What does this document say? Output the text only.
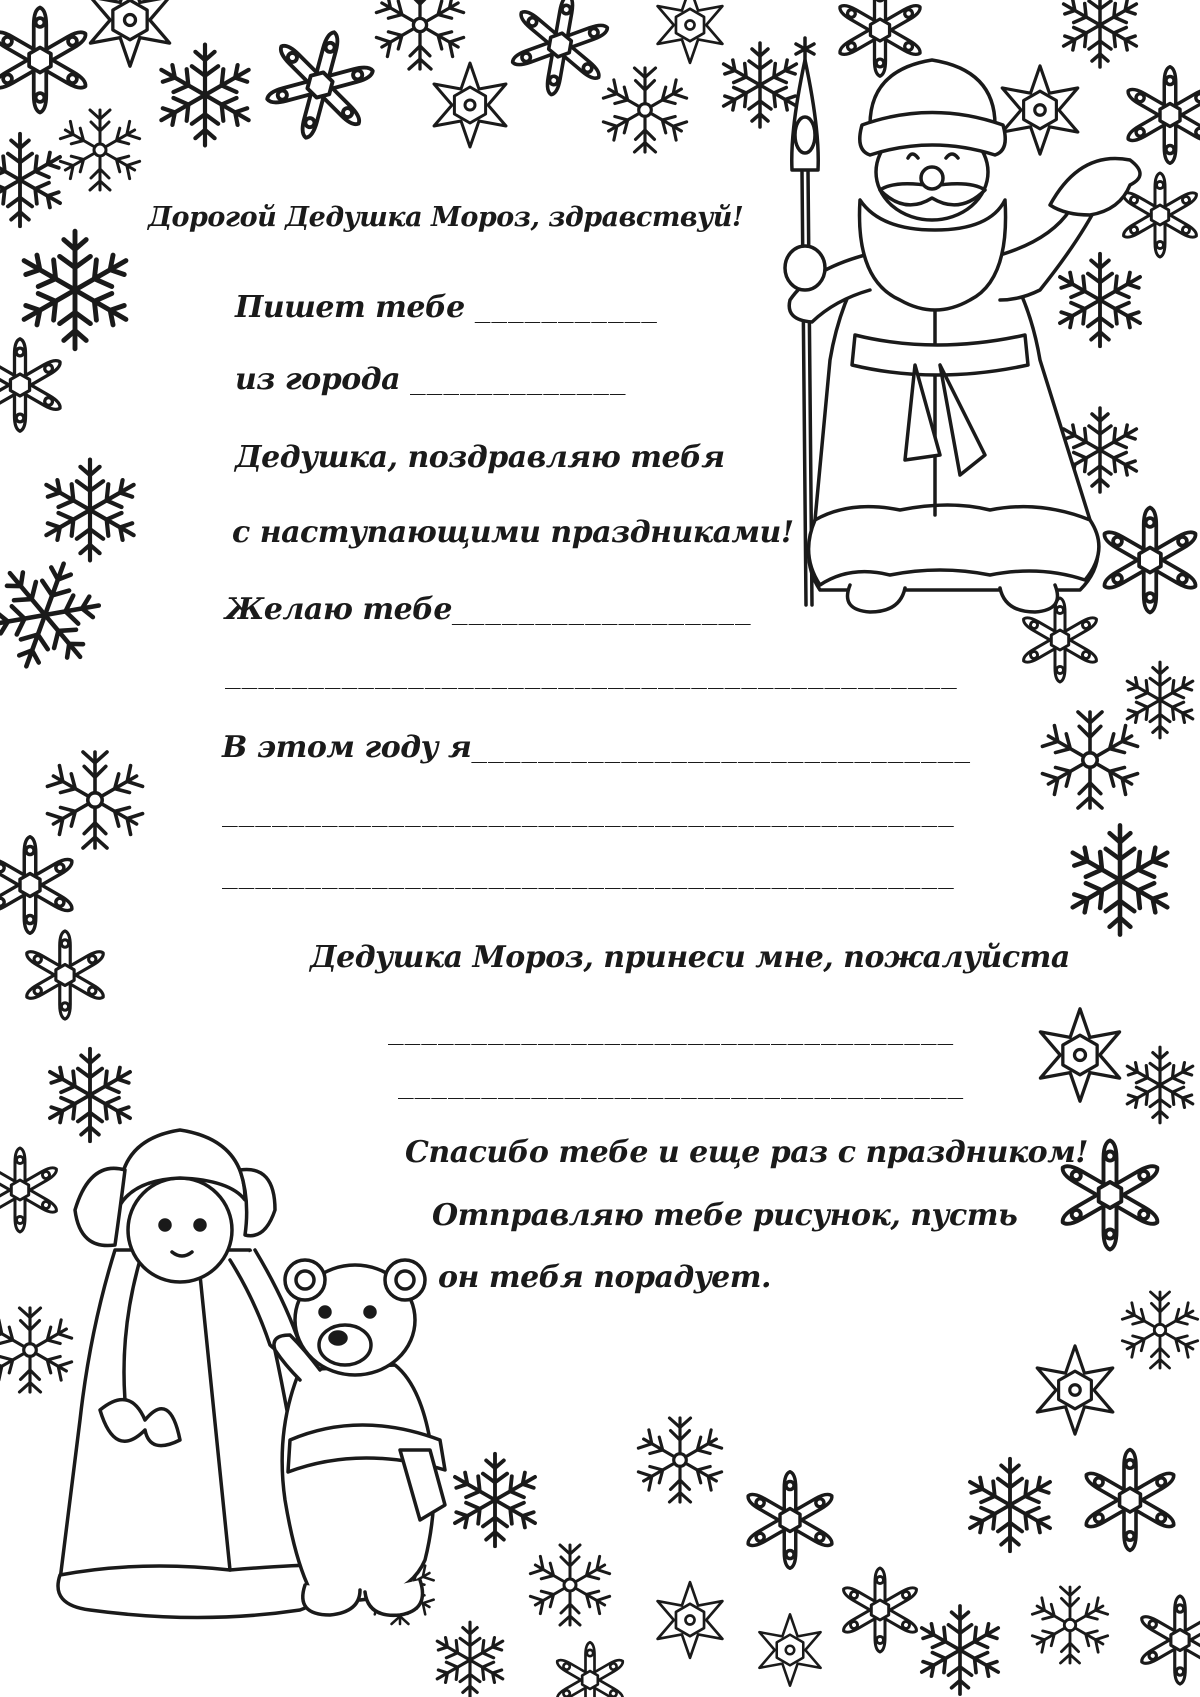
Дорогой Дедушка Мороз, здравствуй!
Пишет тебе ___________
из города _____________
Дедушка, поздравляю тебя
с наступающими праздниками!
Желаю тебе__________________
____________________________________________
В этом году я______________________________
____________________________________________
____________________________________________
Дедушка Мороз, принеси мне, пожалуйста
__________________________________
__________________________________
Спасибо тебе и еще раз с праздником!
Отправляю тебе рисунок, пусть
он тебя порадует.
